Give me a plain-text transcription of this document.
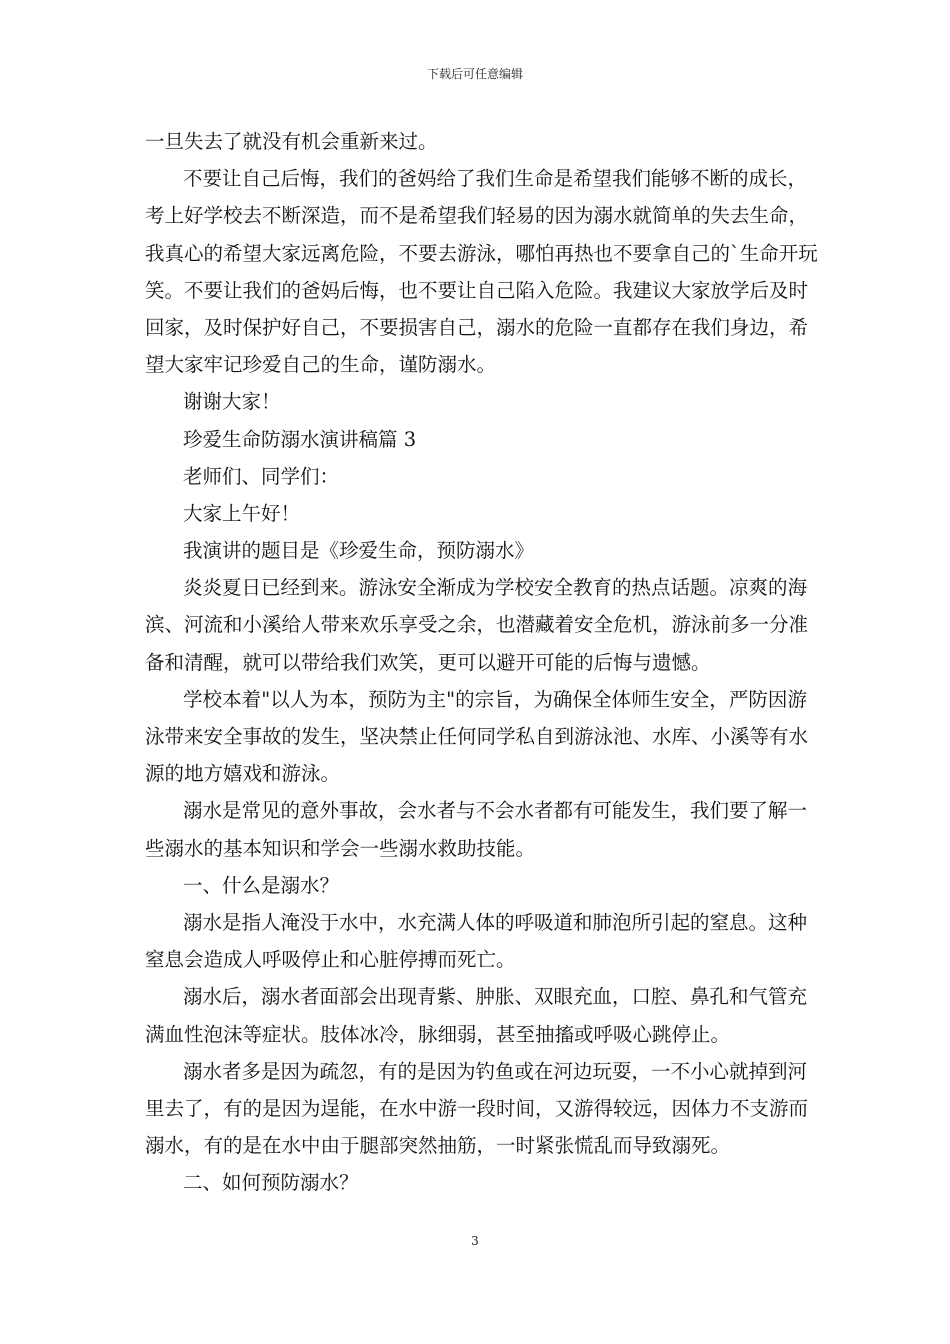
下载后可任意编辑
一旦失去了就没有机会重新来过。
不要让自己后悔，我们的爸妈给了我们生命是希望我们能够不断的成长，
考上好学校去不断深造，而不是希望我们轻易的因为溺水就简单的失去生命，
我真心的希望大家远离危险，不要去游泳，哪怕再热也不要拿自己的`生命开玩
笑。不要让我们的爸妈后悔，也不要让自己陷入危险。我建议大家放学后及时
回家，及时保护好自己，不要损害自己，溺水的危险一直都存在我们身边，希
望大家牢记珍爱自己的生命，谨防溺水。
谢谢大家！
珍爱生命防溺水演讲稿篇 3
老师们、同学们：
大家上午好！
我演讲的题目是《珍爱生命，预防溺水》
炎炎夏日已经到来。游泳安全渐成为学校安全教育的热点话题。凉爽的海
滨、河流和小溪给人带来欢乐享受之余，也潜藏着安全危机，游泳前多一分准
备和清醒，就可以带给我们欢笑，更可以避开可能的后悔与遗憾。
学校本着"以人为本，预防为主"的宗旨，为确保全体师生安全，严防因游
泳带来安全事故的发生，坚决禁止任何同学私自到游泳池、水库、小溪等有水
源的地方嬉戏和游泳。
溺水是常见的意外事故，会水者与不会水者都有可能发生，我们要了解一
些溺水的基本知识和学会一些溺水救助技能。
一、什么是溺水？
溺水是指人淹没于水中，水充满人体的呼吸道和肺泡所引起的窒息。这种
窒息会造成人呼吸停止和心脏停搏而死亡。
溺水后，溺水者面部会出现青紫、肿胀、双眼充血，口腔、鼻孔和气管充
满血性泡沫等症状。肢体冰冷，脉细弱，甚至抽搐或呼吸心跳停止。
溺水者多是因为疏忽，有的是因为钓鱼或在河边玩耍，一不小心就掉到河
里去了，有的是因为逞能，在水中游一段时间，又游得较远，因体力不支游而
溺水，有的是在水中由于腿部突然抽筋，一时紧张慌乱而导致溺死。
二、如何预防溺水？
3
